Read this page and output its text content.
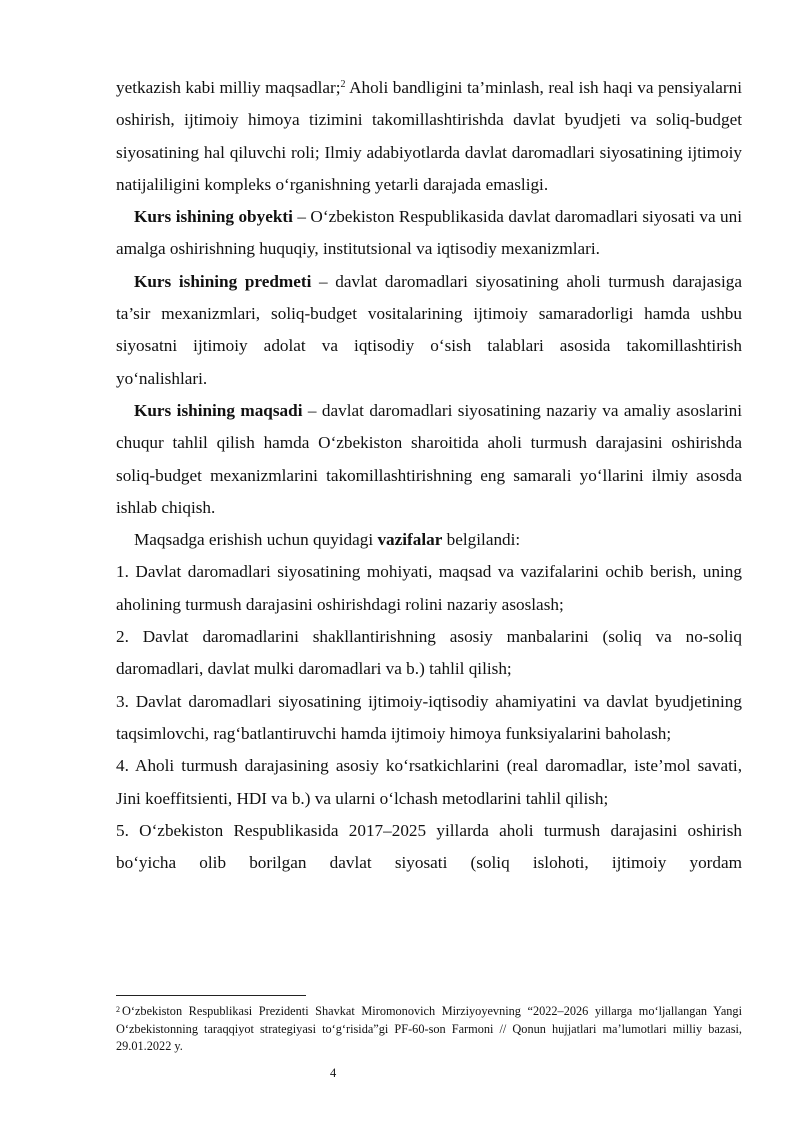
yetkazish kabi milliy maqsadlar;$^2$ Aholi bandligini ta’minlash, real ish haqi va pensiyalarni oshirish, ijtimoiy himoya tizimini takomillashtirishda davlat byudjeti va soliq-budget siyosatining hal qiluvchi roli; Ilmiy adabiyotlarda davlat daromadlari siyosatining ijtimoiy natijaliligini kompleks o‘rganishning yetarli darajada emasligi.

Kurs ishining obyekti – O‘zbekiston Respublikasida davlat daromadlari siyosati va uni amalga oshirishning huquqiy, institutsional va iqtisodiy mexanizmlari.

Kurs ishining predmeti – davlat daromadlari siyosatining aholi turmush darajasiga ta’sir mexanizmlari, soliq-budget vositalarining ijtimoiy samaradorligi hamda ushbu siyosatni ijtimoiy adolat va iqtisodiy o‘sish talablari asosida takomillashtirish yo‘nalishlari.

Kurs ishining maqsadi – davlat daromadlari siyosatining nazariy va amaliy asoslarini chuqur tahlil qilish hamda O‘zbekiston sharoitida aholi turmush darajasini oshirishda soliq-budget mexanizmlarini takomillashtirishning eng samarali yo‘llarini ilmiy asosda ishlab chiqish.

Maqsadga erishish uchun quyidagi vazifalar belgilandi:

1. Davlat daromadlari siyosatining mohiyati, maqsad va vazifalarini ochib berish, uning aholining turmush darajasini oshirishdagi rolini nazariy asoslash;

2. Davlat daromadlarini shakllantirishning asosiy manbalarini (soliq va no-soliq daromadlari, davlat mulki daromadlari va b.) tahlil qilish;

3. Davlat daromadlari siyosatining ijtimoiy-iqtisodiy ahamiyatini va davlat byudjetining taqsimlovchi, rag‘batlantiruvchi hamda ijtimoiy himoya funksiyalarini baholash;

4. Aholi turmush darajasining asosiy ko‘rsatkichlarini (real daromadlar, iste’mol savati, Jini koeffitsienti, HDI va b.) va ularni o‘lchash metodlarini tahlil qilish;

5. O‘zbekiston Respublikasida 2017–2025 yillarda aholi turmush darajasini oshirish bo‘yicha olib borilgan davlat siyosati (soliq islohoti, ijtimoiy yordam

$^2$ O‘zbekiston Respublikasi Prezidenti Shavkat Miromonovich Mirziyoyevning “2022–2026 yillarga mo‘ljallangan Yangi O‘zbekistonning taraqqiyot strategiyasi to‘g‘risida”gi PF-60-son Farmoni // Qonun hujjatlari ma’lumotlari milliy bazasi, 29.01.2022 y.
4
